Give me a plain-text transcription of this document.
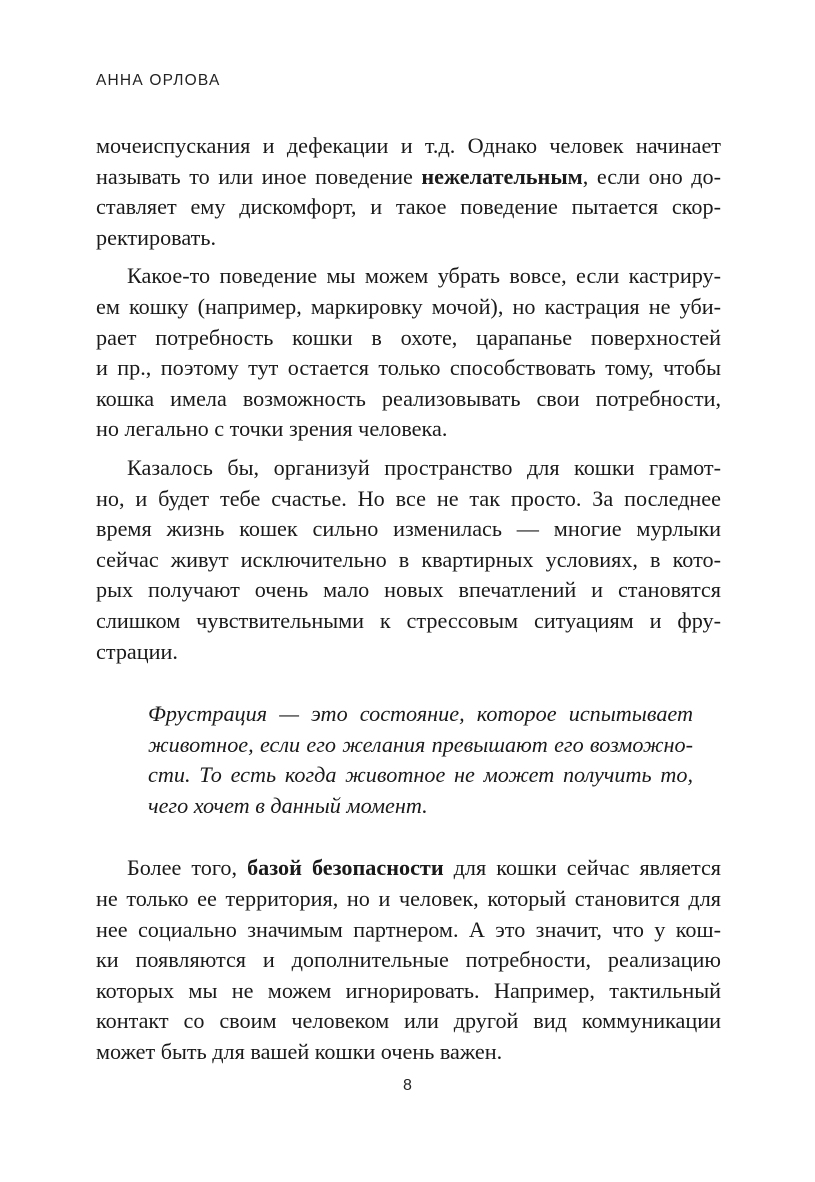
АННА ОРЛОВА

мочеиспускания и дефекации и т.д. Однако человек начинает
называть то или иное поведение нежелательным, если оно до-
ставляет ему дискомфорт, и такое поведение пытается скор-
ректировать.

Какое-то поведение мы можем убрать вовсе, если кастриру-
ем кошку (например, маркировку мочой), но кастрация не уби-
рает потребность кошки в охоте, царапанье поверхностей
и пр., поэтому тут остается только способствовать тому, чтобы
кошка имела возможность реализовывать свои потребности,
но легально с точки зрения человека.

Казалось бы, организуй пространство для кошки грамот-
но, и будет тебе счастье. Но все не так просто. За последнее
время жизнь кошек сильно изменилась — многие мурлыки
сейчас живут исключительно в квартирных условиях, в кото-
рых получают очень мало новых впечатлений и становятся
слишком чувствительными к стрессовым ситуациям и фру-
страции.

Фрустрация — это состояние, которое испытывает
животное, если его желания превышают его возможно-
сти. То есть когда животное не может получить то,
чего хочет в данный момент.

Более того, базой безопасности для кошки сейчас является
не только ее территория, но и человек, который становится для
нее социально значимым партнером. А это значит, что у кош-
ки появляются и дополнительные потребности, реализацию
которых мы не можем игнорировать. Например, тактильный
контакт со своим человеком или другой вид коммуникации
может быть для вашей кошки очень важен.

8
